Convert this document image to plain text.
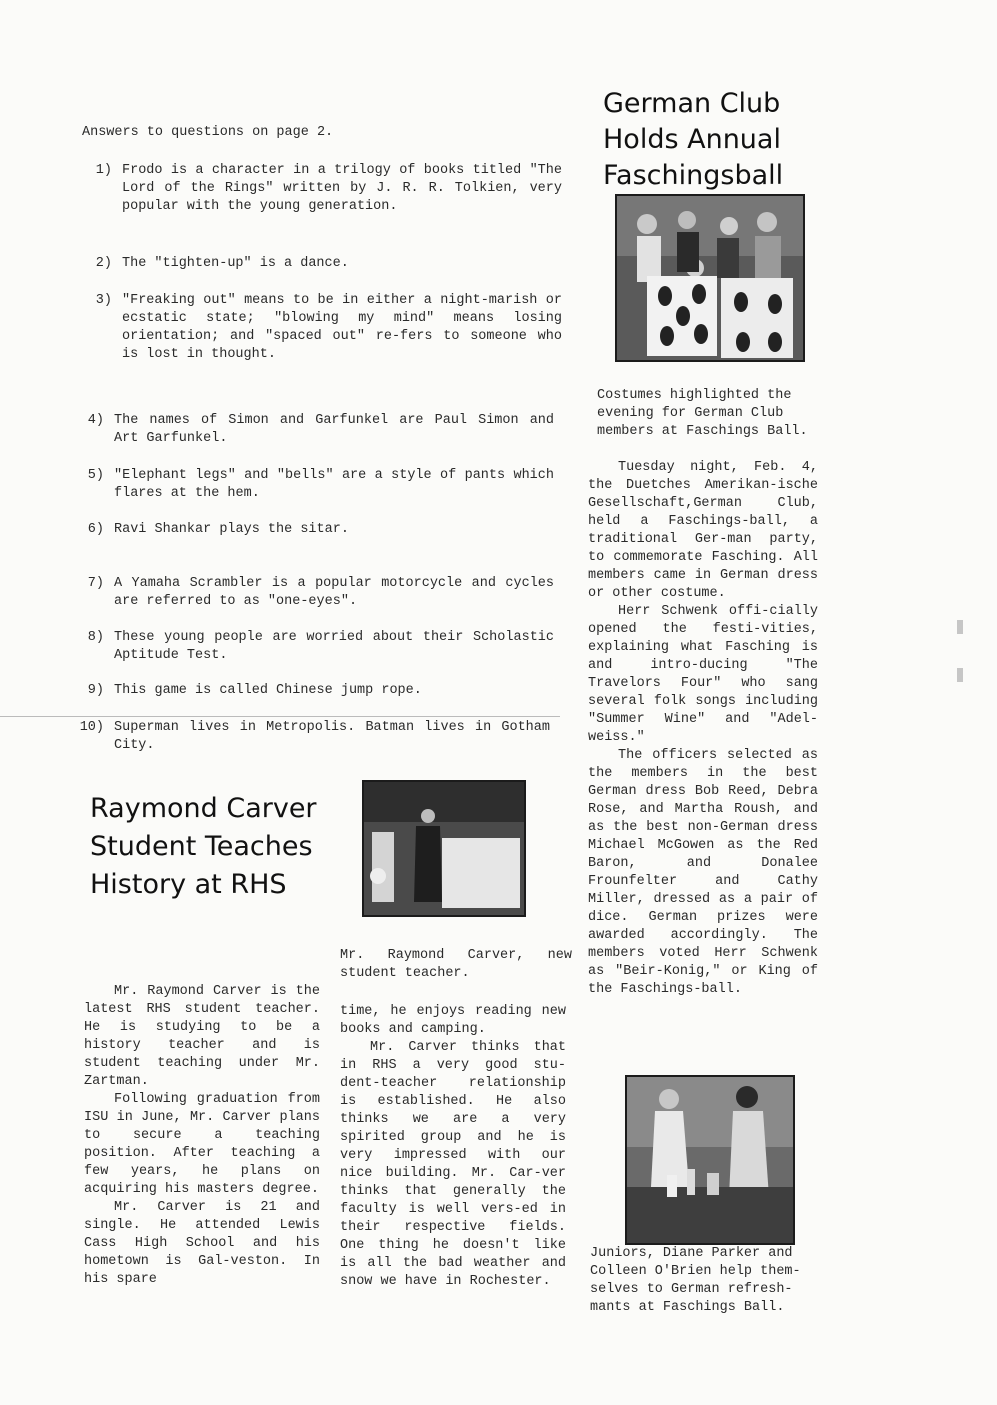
Answers to questions on page 2.
1) Frodo is a character in a trilogy of books titled "The Lord of the Rings" written by J. R. R. Tolkien, very popular with the young generation.
2) The "tighten-up" is a dance.
3) "Freaking out" means to be in either a night-marish or ecstatic state; "blowing my mind" means losing orientation; and "spaced out" re-fers to someone who is lost in thought.
4) The names of Simon and Garfunkel are Paul Simon and Art Garfunkel.
5) "Elephant legs" and "bells" are a style of pants which flares at the hem.
6) Ravi Shankar plays the sitar.
7) A Yamaha Scrambler is a popular motorcycle and cycles are referred to as "one-eyes".
8) These young people are worried about their Scholastic Aptitude Test.
9) This game is called Chinese jump rope.
10) Superman lives in Metropolis. Batman lives in Gotham City.
Raymond Carver
Student Teaches
History at RHS
Mr. Raymond Carver, new student teacher.

Mr. Raymond Carver is the latest RHS student teacher. He is studying to be a history teacher and is student teaching under Mr. Zartman.

Following graduation from ISU in June, Mr. Carver plans to secure a teaching position. After teaching a few years, he plans on acquiring his masters degree.

Mr. Carver is 21 and single. He attended Lewis Cass High School and his hometown is Gal-veston. In his spare

time, he enjoys reading new books and camping.

Mr. Carver thinks that in RHS a very good stu-dent-teacher relationship is established. He also thinks we are a very spirited group and he is very impressed with our nice building. Mr. Car-ver thinks that generally the faculty is well vers-ed in their respective fields. One thing he doesn't like is all the bad weather and snow we have in Rochester.

German Club
Holds Annual
Faschingsball
Costumes highlighted the evening for German Club members at Faschings Ball.

Tuesday night, Feb. 4, the Duetches Amerikan-ische Gesellschaft,German Club, held a Faschings-ball, a traditional Ger-man party, to commemorate Fasching. All members came in German dress or other costume.

Herr Schwenk offi-cially opened the festi-vities, explaining what Fasching is and intro-ducing "The Travelors Four" who sang several folk songs including "Summer Wine" and "Adel-weiss."

The officers selected as the members in the best German dress Bob Reed, Debra Rose, and Martha Roush, and as the best non-German dress Michael McGowen as the Red Baron, and Donalee Frounfelter and Cathy Miller, dressed as a pair of dice. German prizes were awarded accordingly. The members voted Herr Schwenk as "Beir-Konig," or King of the Faschings-ball.

Juniors, Diane Parker and Colleen O'Brien help them-selves to German refresh-mants at Faschings Ball.
